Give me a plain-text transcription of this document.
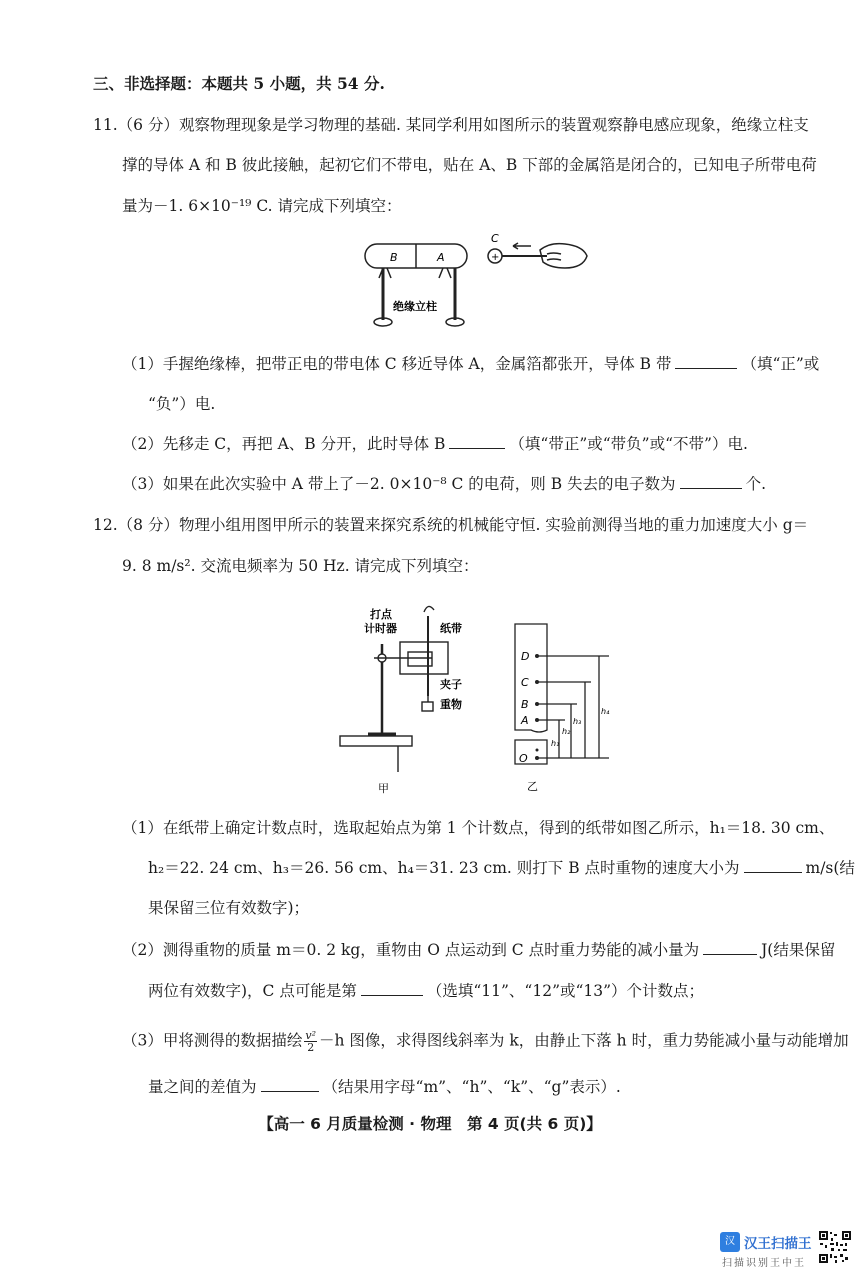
三、非选择题：本题共 5 小题，共 54 分.
11.（6 分）观察物理现象是学习物理的基础. 某同学利用如图所示的装置观察静电感应现象，绝缘立柱支
撑的导体 A 和 B 彼此接触，起初它们不带电，贴在 A、B 下部的金属箔是闭合的，已知电子所带电荷
量为－1. 6×10⁻¹⁹ C. 请完成下列填空：
B	A
C
+
绝缘立柱
（1）手握绝缘棒，把带正电的带电体 C 移近导体 A，金属箔都张开，导体 B 带	（填“正”或
“负”）电.
（2）先移走 C，再把 A、B 分开，此时导体 B	（填“带正”或“带负”或“不带”）电.
（3）如果在此次实验中 A 带上了－2. 0×10⁻⁸ C 的电荷，则 B 失去的电子数为	个.
12.（8 分）物理小组用图甲所示的装置来探究系统的机械能守恒. 实验前测得当地的重力加速度大小 g＝
9. 8 m/s². 交流电频率为 50 Hz. 请完成下列填空：
打点
计时器	纸带
夹子
重物
甲
D
C
B
A
O
h₁
h₂
h₃
h₄
乙
（1）在纸带上确定计数点时，选取起始点为第 1 个计数点，得到的纸带如图乙所示，h₁＝18. 30 cm、
h₂＝22. 24 cm、h₃＝26. 56 cm、h₄＝31. 23 cm. 则打下 B 点时重物的速度大小为	m/s(结
果保留三位有效数字)；
（2）测得重物的质量 m＝0. 2 kg，重物由 O 点运动到 C 点时重力势能的减小量为	J(结果保留
两位有效数字)，C 点可能是第	（选填“11”、“12”或“13”）个计数点；
（3）甲将测得的数据描绘 $\frac{\text{v²}}{2} -h$ 图像，求得图线斜率为 k，由静止下落 h 时，重力势能减小量与动能增加
量之间的差值为	（结果用字母“m”、“h”、“k”、“g”表示）.
【高一 6 月质量检测 · 物理　第 4 页(共 6 页)】
汉 汉王扫描王
扫描识别王中王
